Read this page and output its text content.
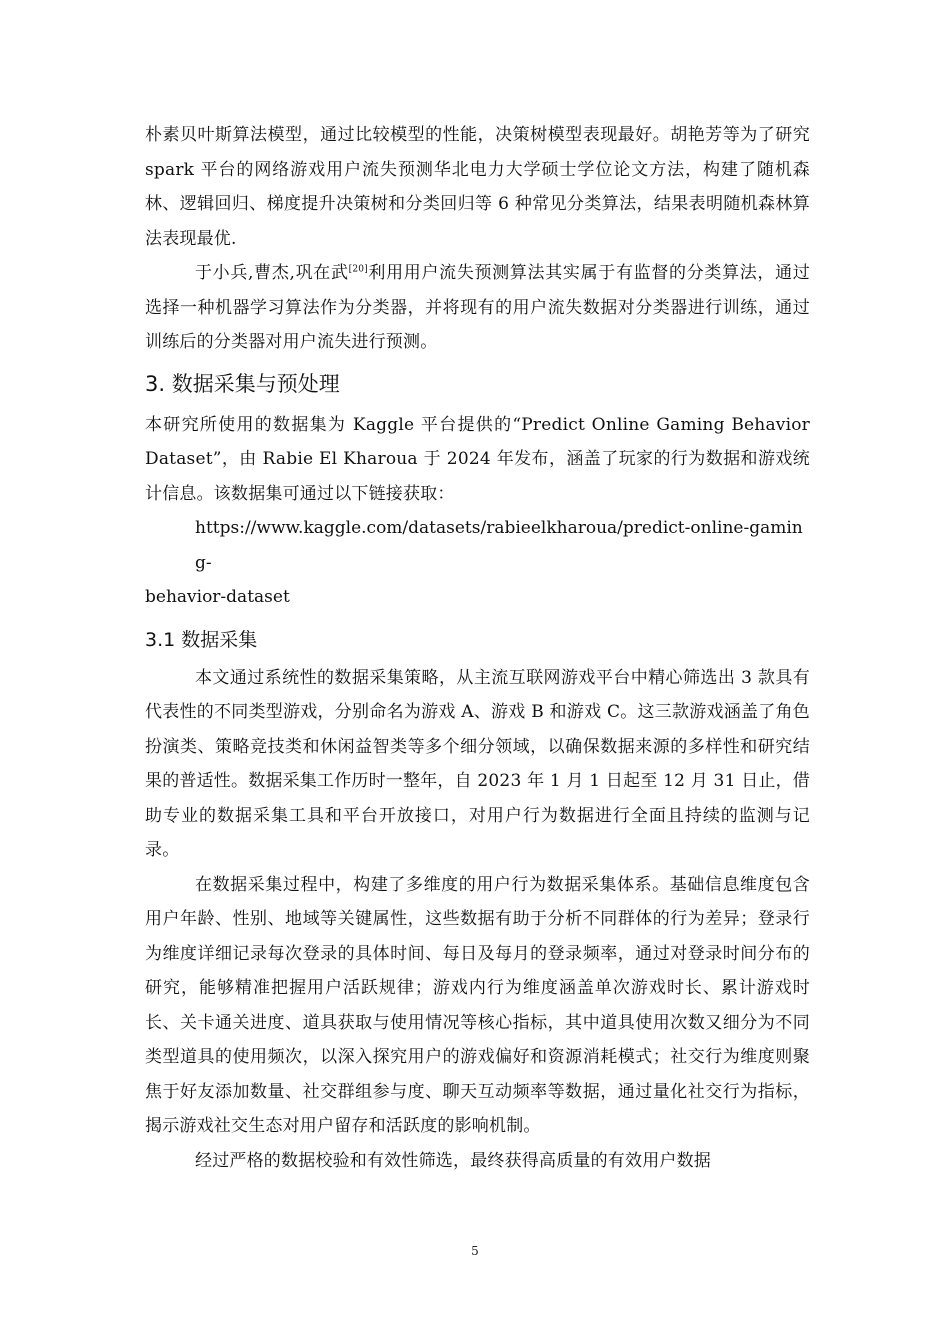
朴素贝叶斯算法模型，通过比较模型的性能，决策树模型表现最好。胡艳芳等为了研究 spark 平台的网络游戏用户流失预测华北电力大学硕士学位论文方法，构建了随机森林、逻辑回归、梯度提升决策树和分类回归等 6 种常见分类算法，结果表明随机森林算法表现最优.

于小兵,曹杰,巩在武[20]利用用户流失预测算法其实属于有监督的分类算法，通过选择一种机器学习算法作为分类器，并将现有的用户流失数据对分类器进行训练，通过训练后的分类器对用户流失进行预测。

3. 数据采集与预处理

本研究所使用的数据集为 Kaggle 平台提供的“Predict Online Gaming Behavior Dataset”，由 Rabie El Kharoua 于 2024 年发布，涵盖了玩家的行为数据和游戏统计信息。该数据集可通过以下链接获取：

https://www.kaggle.com/datasets/rabieelkharoua/predict-online-gaming-

behavior-dataset

3.1 数据采集

本文通过系统性的数据采集策略，从主流互联网游戏平台中精心筛选出 3 款具有代表性的不同类型游戏，分别命名为游戏 A、游戏 B 和游戏 C。这三款游戏涵盖了角色扮演类、策略竞技类和休闲益智类等多个细分领域，以确保数据来源的多样性和研究结果的普适性。数据采集工作历时一整年，自 2023 年 1 月 1 日起至 12 月 31 日止，借助专业的数据采集工具和平台开放接口，对用户行为数据进行全面且持续的监测与记录。

在数据采集过程中，构建了多维度的用户行为数据采集体系。基础信息维度包含用户年龄、性别、地域等关键属性，这些数据有助于分析不同群体的行为差异；登录行为维度详细记录每次登录的具体时间、每日及每月的登录频率，通过对登录时间分布的研究，能够精准把握用户活跃规律；游戏内行为维度涵盖单次游戏时长、累计游戏时长、关卡通关进度、道具获取与使用情况等核心指标，其中道具使用次数又细分为不同类型道具的使用频次，以深入探究用户的游戏偏好和资源消耗模式；社交行为维度则聚焦于好友添加数量、社交群组参与度、聊天互动频率等数据，通过量化社交行为指标，揭示游戏社交生态对用户留存和活跃度的影响机制。

经过严格的数据校验和有效性筛选，最终获得高质量的有效用户数据

5
